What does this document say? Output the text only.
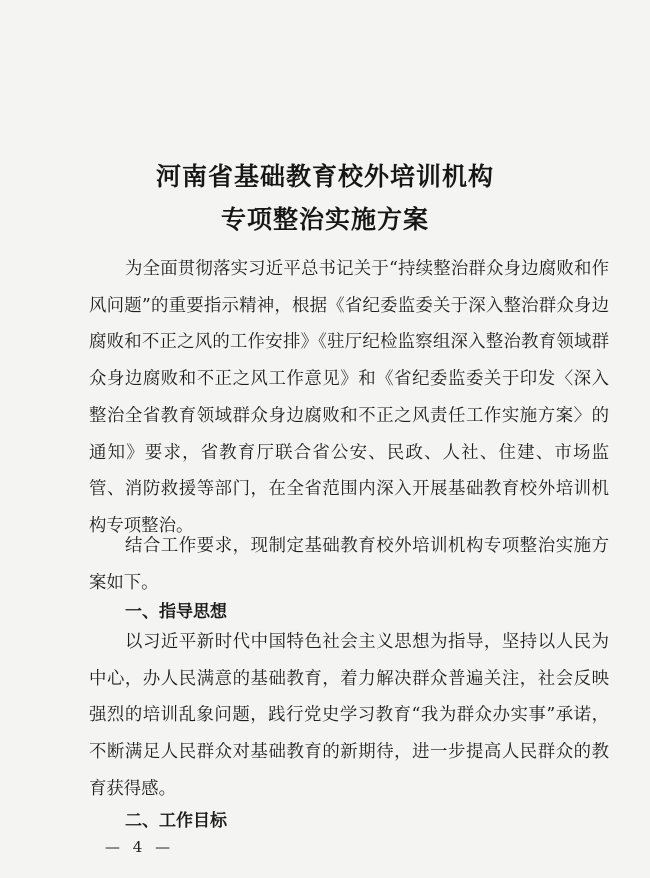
河南省基础教育校外培训机构
专项整治实施方案
为全面贯彻落实习近平总书记关于“持续整治群众身边腐败和作风问题”的重要指示精神，根据《省纪委监委关于深入整治群众身边腐败和不正之风的工作安排》《驻厅纪检监察组深入整治教育领域群众身边腐败和不正之风工作意见》和《省纪委监委关于印发〈深入整治全省教育领域群众身边腐败和不正之风责任工作实施方案〉的通知》要求，省教育厅联合省公安、民政、人社、住建、市场监管、消防救援等部门，在全省范围内深入开展基础教育校外培训机构专项整治。
结合工作要求，现制定基础教育校外培训机构专项整治实施方案如下。
一、指导思想
以习近平新时代中国特色社会主义思想为指导，坚持以人民为中心，办人民满意的基础教育，着力解决群众普遍关注，社会反映强烈的培训乱象问题，践行党史学习教育“我为群众办实事”承诺，不断满足人民群众对基础教育的新期待，进一步提高人民群众的教育获得感。
二、工作目标
— 4 —
